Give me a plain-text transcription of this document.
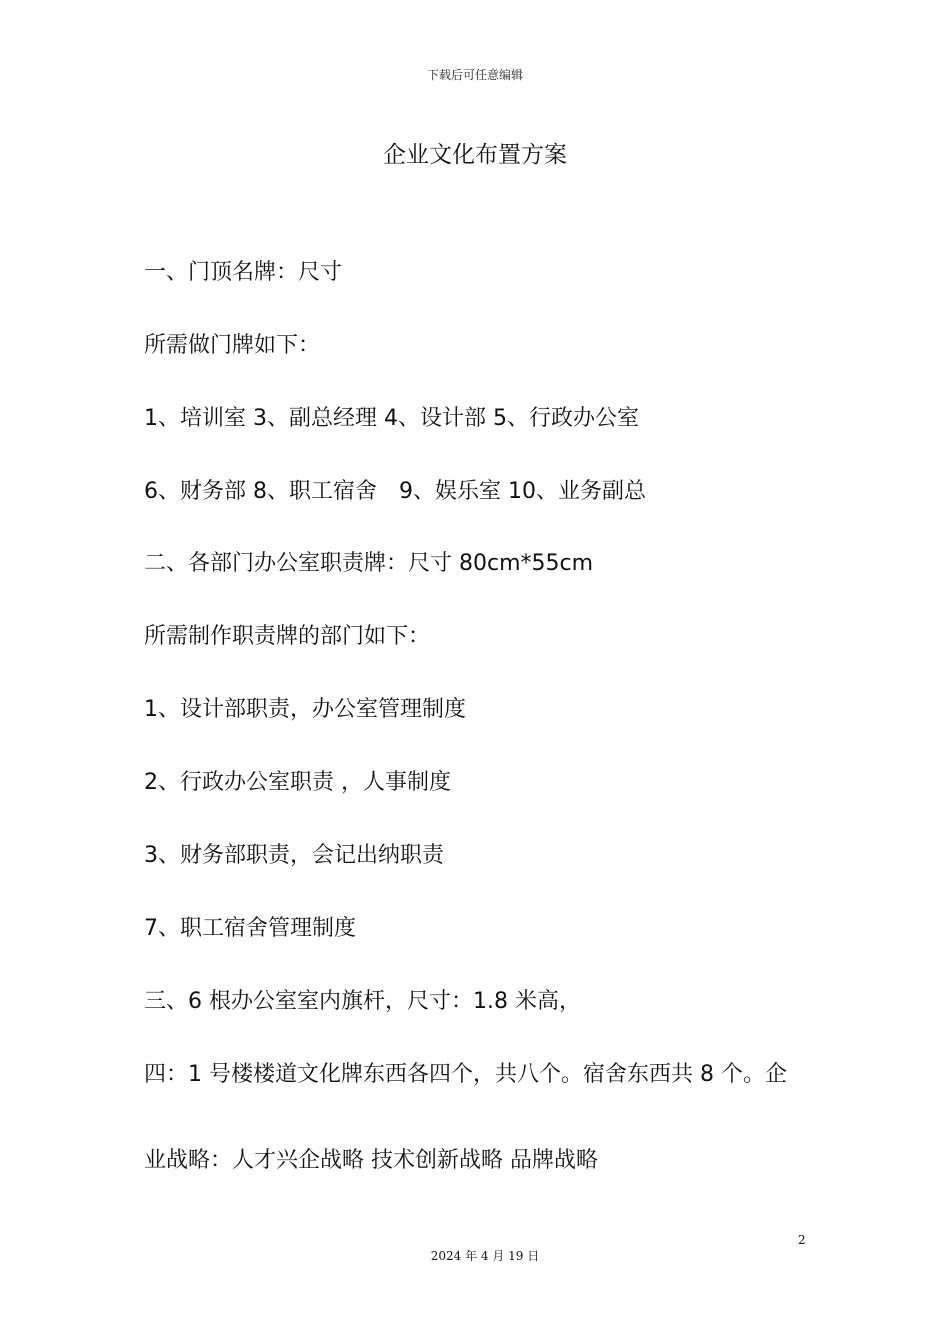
下载后可任意编辑
企业文化布置方案

一、门顶名牌：尺寸

所需做门牌如下：

1、培训室 3、副总经理 4、设计部 5、行政办公室

6、财务部 8、职工宿舍　9、娱乐室 10、业务副总

二、各部门办公室职责牌：尺寸 80cm*55cm

所需制作职责牌的部门如下：

1、设计部职责，办公室管理制度

2、行政办公室职责 ，人事制度

3、财务部职责，会记出纳职责

7、职工宿舍管理制度

三、6 根办公室室内旗杆，尺寸：1.8 米高，

四：1 号楼楼道文化牌东西各四个，共八个。宿舍东西共 8 个。企

业战略：人才兴企战略 技术创新战略 品牌战略

2
2024 年 4 月 19 日
